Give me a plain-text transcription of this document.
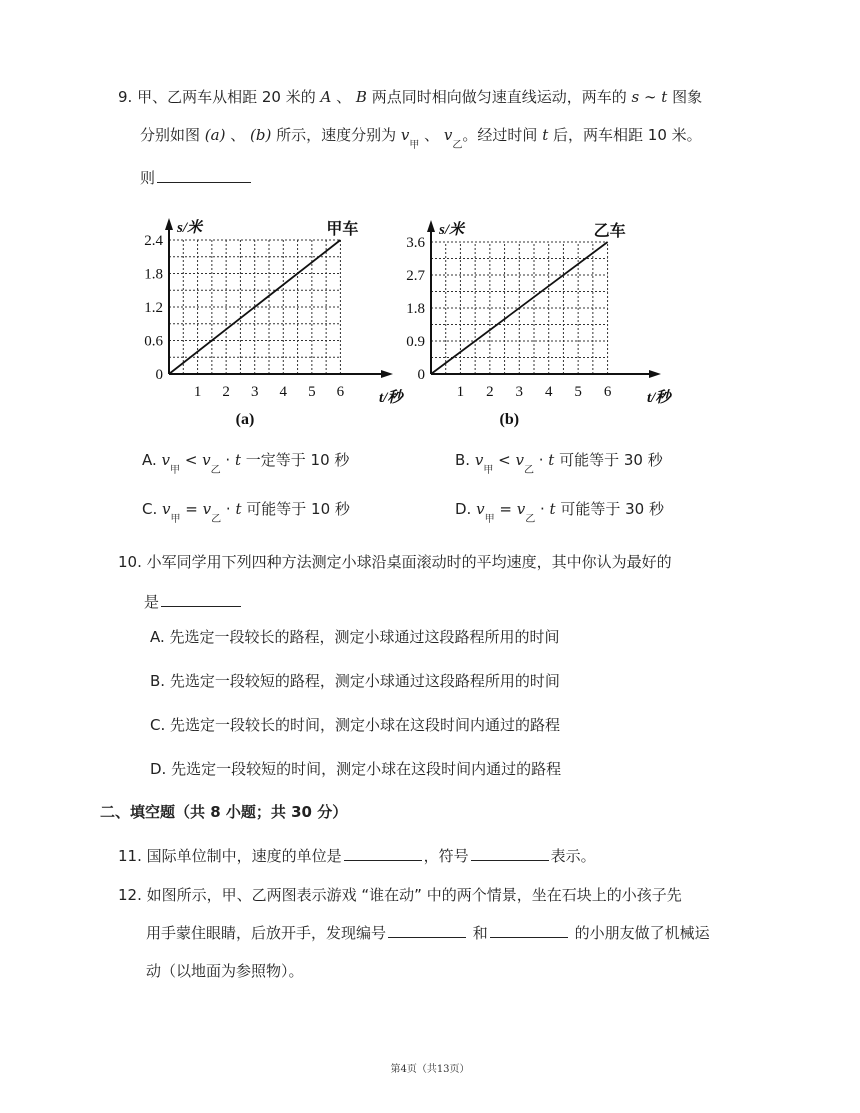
9. 甲、乙两车从相距 20 米的 A 、 B 两点同时相向做匀速直线运动，两车的 s ∼ t 图象
分别如图 (a) 、 (b) 所示，速度分别为 $v_甲$ 、 $v_乙$。经过时间 t 后，两车相距 10 米。
则
0
0.6
1.2
1.8
2.4
1 2 3 4 5 6
s/米
t/秒
甲车
(a)
0
0.9
1.8
2.7
3.6
1 2 3 4 5 6
s/米
t/秒
乙车
(b)
A. $v_甲 < v_乙 \cdot t$ 一定等于 10 秒	B. $v_甲 < v_乙 \cdot t$ 可能等于 30 秒
C. $v_甲 = v_乙 \cdot t$ 可能等于 10 秒	D. $v_甲 = v_乙 \cdot t$ 可能等于 30 秒
10. 小军同学用下列四种方法测定小球沿桌面滚动时的平均速度，其中你认为最好的
是
A. 先选定一段较长的路程，测定小球通过这段路程所用的时间
B. 先选定一段较短的路程，测定小球通过这段路程所用的时间
C. 先选定一段较长的时间，测定小球在这段时间内通过的路程
D. 先选定一段较短的时间，测定小球在这段时间内通过的路程
二、填空题（共 8 小题；共 30 分）
11. 国际单位制中，速度的单位是	，符号	表示。
12. 如图所示，甲、乙两图表示游戏 “谁在动” 中的两个情景，坐在石块上的小孩子先
用手蒙住眼睛，后放开手，发现编号	和	的小朋友做了机械运
动（以地面为参照物）。
第4页（共13页）
